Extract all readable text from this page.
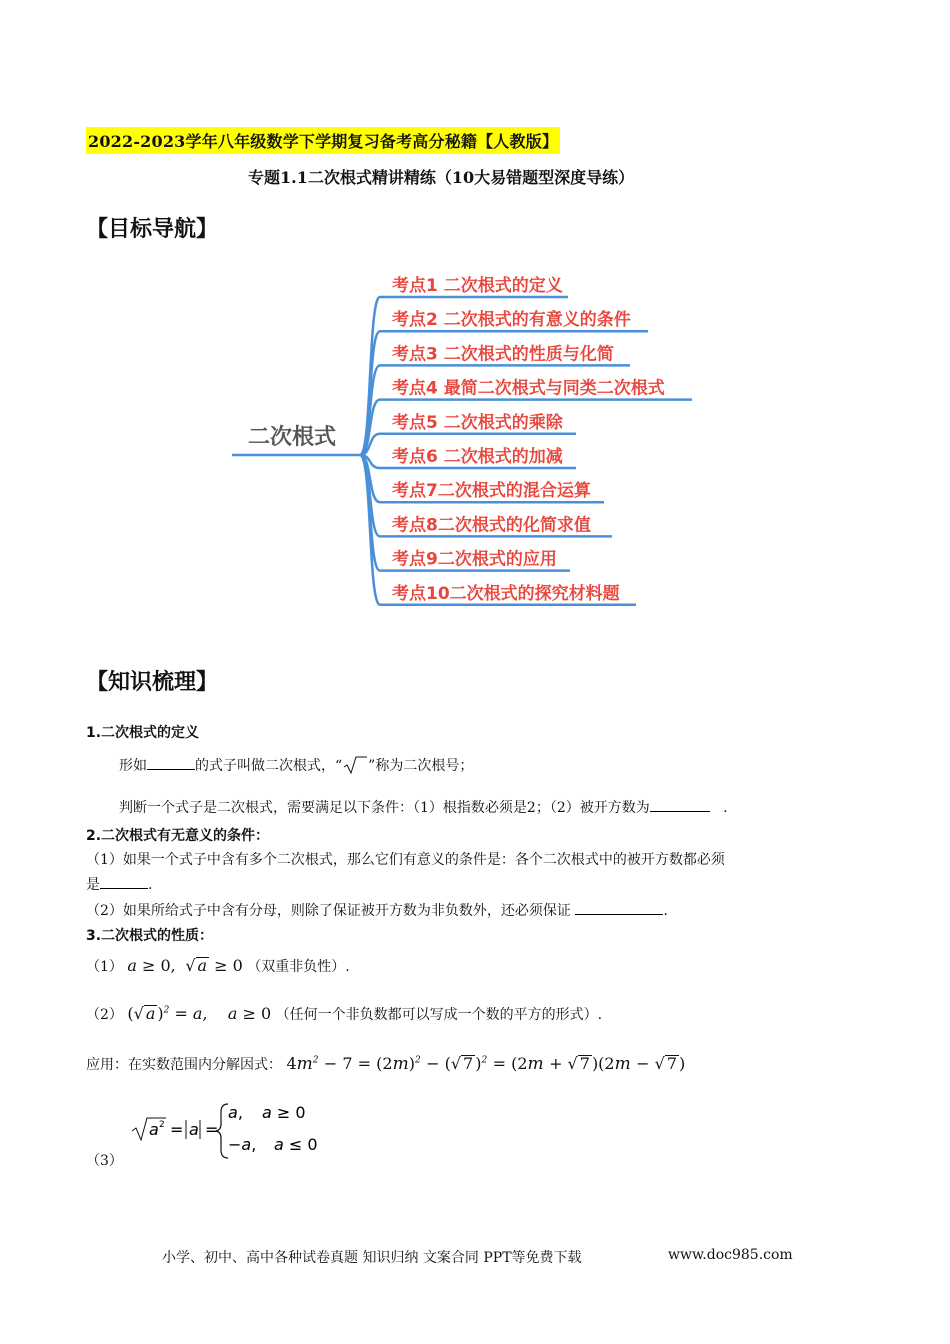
2022-2023学年八年级数学下学期复习备考高分秘籍【人教版】
专题1.1二次根式精讲精练（10大易错题型深度导练）
【目标导航】
二次根式
考点1 二次根式的定义
考点2 二次根式的有意义的条件
考点3 二次根式的性质与化简
考点4 最简二次根式与同类二次根式
考点5 二次根式的乘除
考点6 二次根式的加减
考点7二次根式的混合运算
考点8二次根式的化简求值
考点9二次根式的应用
考点10二次根式的探究材料题
【知识梳理】
1.二次根式的定义
形如	的式子叫做二次根式，“ ”称为二次根号；
判断一个式子是二次根式，需要满足以下条件：（1）根指数必须是2；（2）被开方数为	.
2.二次根式有无意义的条件：
（1）如果一个式子中含有多个二次根式，那么它们有意义的条件是：各个二次根式中的被开方数都必须
是	.
（2）如果所给式子中含有分母，则除了保证被开方数为非负数外，还必须保证	.
3.二次根式的性质：
（1） a ≥ 0, √ a ≥ 0 （双重非负性）.
（2） (√ a )$^2$ = a,    a ≥ 0 （任何一个非负数都可以写成一个数的平方的形式）.
应用：在实数范围内分解因式： $4m^2 - 7 = (2m)^2$ − (√ 7 )$^2$ = (2m + √ 7 )(2m − √ 7 )
a 2 = a =
a, a ≥ 0
−a, a ≤ 0
（3）
小学、初中、高中各种试卷真题 知识归纳 文案合同 PPT等免费下载	www.doc985.com
